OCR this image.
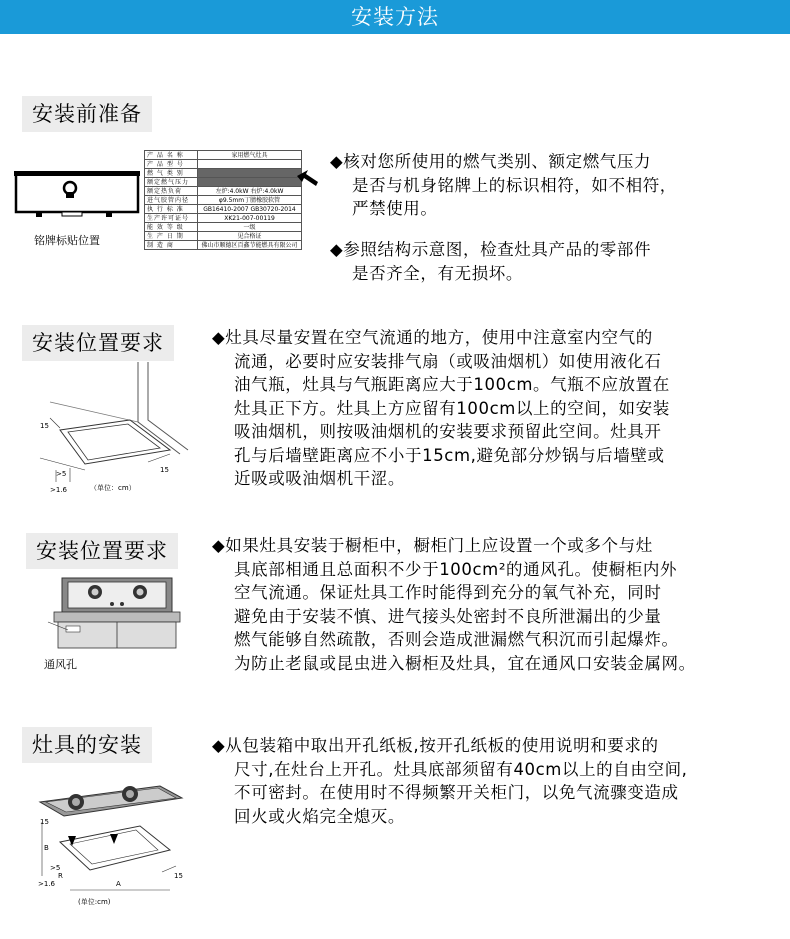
安装方法
安装前准备
铭牌标贴位置
产 品 名 称	家用燃气灶具
产 品 型 号	
燃 气 类 别	
额定燃气压力	
额定热负荷	左炉:4.0kW 右炉:4.0kW
进气胶管内径	φ9.5mm丁腈橡胶软管
执 行 标 准	GB16410-2007 GB30720-2014
生产许可证号	XK21-007-00119
能 效 等 级	一级
生 产 日 期	见合格证
制 造 商	佛山市顺德区百鑫节能燃具有限公司
◆核对您所使用的燃气类别、额定燃气压力
是否与机身铭牌上的标识相符，如不相符，
严禁使用。
◆参照结构示意图，检查灶具产品的零部件
是否齐全，有无损坏。
安装位置要求
15
>5
>1.6
15
（单位：cm）
◆灶具尽量安置在空气流通的地方，使用中注意室内空气的
流通，必要时应安装排气扇（或吸油烟机）如使用液化石
油气瓶，灶具与气瓶距离应大于100cm。气瓶不应放置在
灶具正下方。灶具上方应留有100cm以上的空间，如安装
吸油烟机，则按吸油烟机的安装要求预留此空间。灶具开
孔与后墙壁距离应不小于15cm,避免部分炒锅与后墙壁或
近吸或吸油烟机干涩。
安装位置要求
通风孔
◆如果灶具安装于橱柜中，橱柜门上应设置一个或多个与灶
具底部相通且总面积不少于100cm²的通风孔。使橱柜内外
空气流通。保证灶具工作时能得到充分的氧气补充，同时
避免由于安装不慎、进气接头处密封不良所泄漏出的少量
燃气能够自然疏散，否则会造成泄漏燃气积沉而引起爆炸。
为防止老鼠或昆虫进入橱柜及灶具，宜在通风口安装金属网。
灶具的安装
15
B
>5
>1.6
R
A
15
(单位:cm)
◆从包装箱中取出开孔纸板,按开孔纸板的使用说明和要求的
尺寸,在灶台上开孔。灶具底部须留有40cm以上的自由空间,
不可密封。在使用时不得频繁开关柜门，以免气流骤变造成
回火或火焰完全熄灭。
